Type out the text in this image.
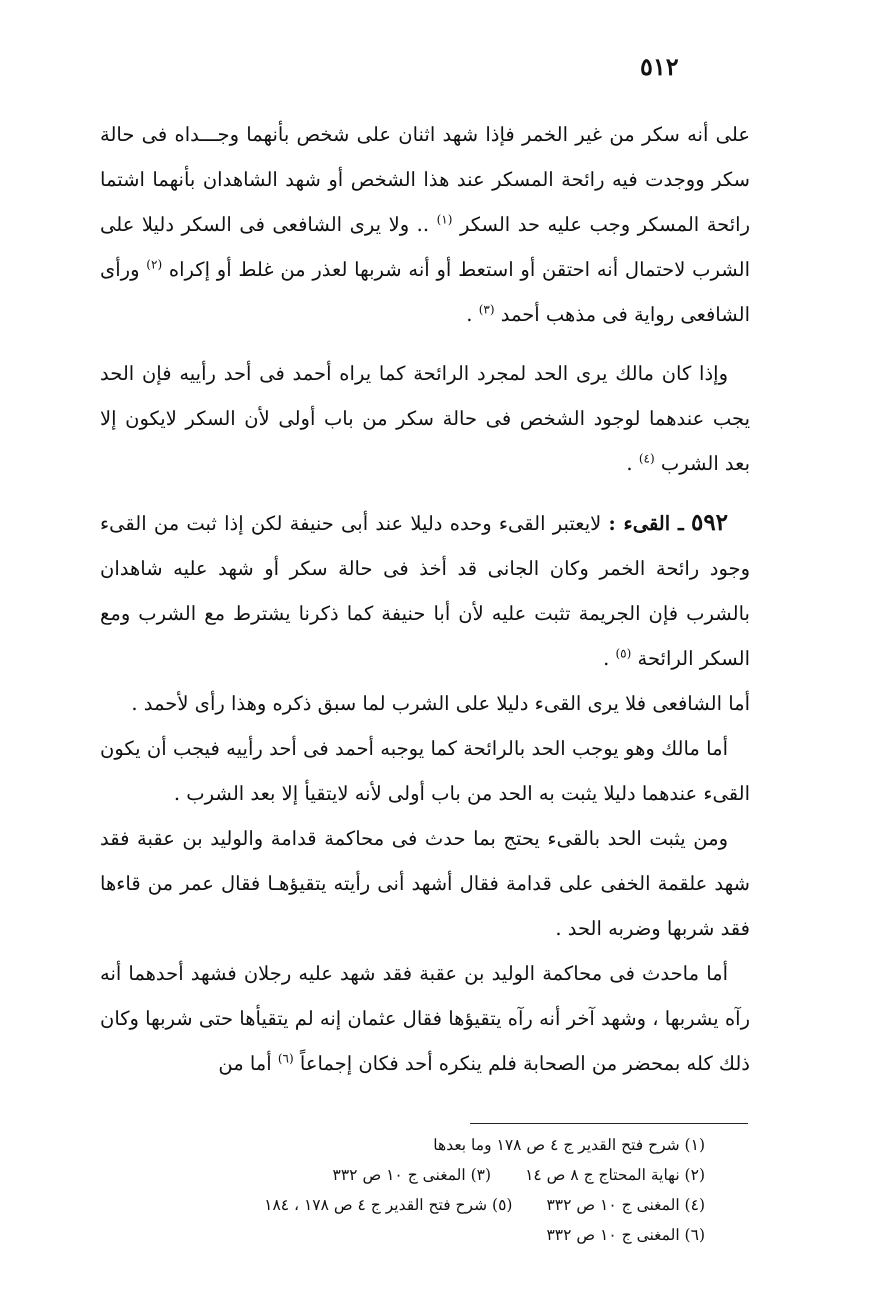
٥١٢

على أنه سكر من غير الخمر فإذا شهد اثنان على شخص بأنهما وجـــداه فى حالة سكر ووجدت فيه رائحة المسكر عند هذا الشخص أو شهد الشاهدان بأنهما اشتما رائحة المسكر وجب عليه حد السكر $^{(١)}$ .. ولا يرى الشافعى فى السكر دليلا على الشرب لاحتمال أنه احتقن أو استعط أو أنه شربها لعذر من غلط أو إكراه $^{(٢)}$ ورأى الشافعى رواية فى مذهب أحمد $^{(٣)}$ .

وإذا كان مالك يرى الحد لمجرد الرائحة كما يراه أحمد فى أحد رأييه فإن الحد يجب عندهما لوجود الشخص فى حالة سكر من باب أولى لأن السكر لايكون إلا بعد الشرب $^{(٤)}$ .

٥٩٢ ـ القىء : لايعتبر القىء وحده دليلا عند أبى حنيفة لكن إذا ثبت من القىء وجود رائحة الخمر وكان الجانى قد أخذ فى حالة سكر أو شهد عليه شاهدان بالشرب فإن الجريمة تثبت عليه لأن أبا حنيفة كما ذكرنا يشترط مع الشرب ومع السكر الرائحة $^{(٥)}$ .

أما الشافعى فلا يرى القىء دليلا على الشرب لما سبق ذكره وهذا رأى لأحمد .

أما مالك وهو يوجب الحد بالرائحة كما يوجبه أحمد فى أحد رأييه فيجب أن يكون القىء عندهما دليلا يثبت به الحد من باب أولى لأنه لايتقيأ إلا بعد الشرب .

ومن يثبت الحد بالقىء يحتج بما حدث فى محاكمة قدامة والوليد بن عقبة فقد شهد علقمة الخفى على قدامة فقال أشهد أنى رأيته يتقيؤهـا فقال عمر من قاءها فقد شربها وضربه الحد .

أما ماحدث فى محاكمة الوليد بن عقبة فقد شهد عليه رجلان فشهد أحدهما أنه رآه يشربها ، وشهد آخر أنه رآه يتقيؤها فقال عثمان إنه لم يتقيأها حتى شربها وكان ذلك كله بمحضر من الصحابة فلم ينكره أحد فكان إجماعاً $^{(٦)}$ أما من

(١) شرح فتح القدير ج ٤ ص ١٧٨ وما بعدها

(٢) نهاية المحتاج ج ٨ ص ١٤(٣) المغنى ج ١٠ ص ٣٣٢

(٤) المغنى ج ١٠ ص ٣٣٢(٥) شرح فتح القدير ج ٤ ص ١٧٨ ، ١٨٤

(٦) المغنى ج ١٠ ص ٣٣٢
